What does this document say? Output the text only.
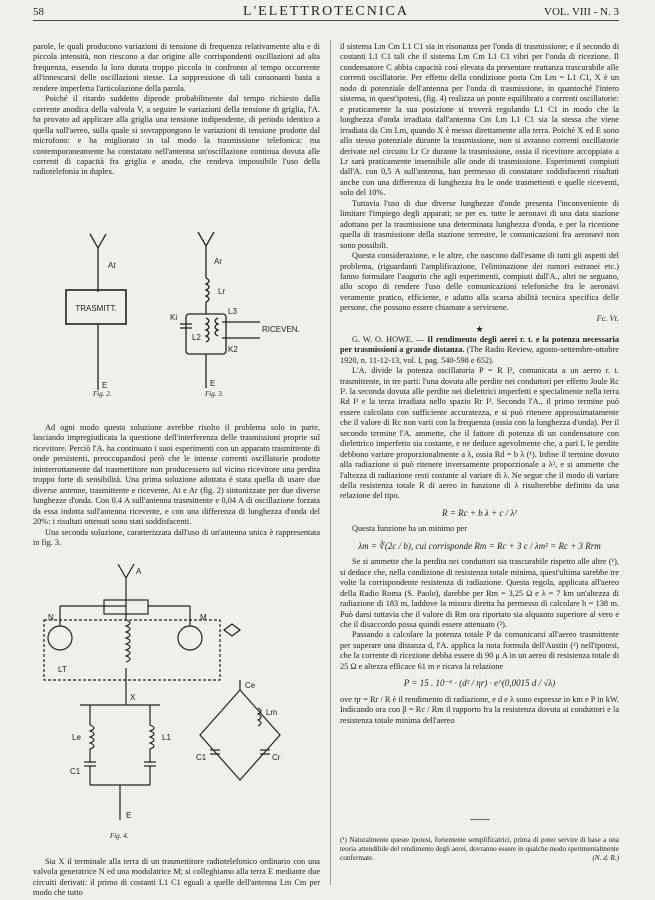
58	L'ELETTROTECNICA	VOL. VIII - N. 3

parole, le quali producono variazioni di tensione di frequenza relativamente alta e di piccola intensità, non riescono a dar origine alle corrispondenti oscillazioni ad alta frequenza, essendo la loro durata troppo piccola in confronto al tempo occorrente all'innescarsi delle oscillazioni stesse. La soppressione di tali consonanti basta a rendere imperfetta l'articolazione della parola.

Poiché il ritardo suddetto dipende probabilmente dal tempo richiesto dalla corrente anodica della valvola V, a seguire le variazioni della tensione di griglia, l'A. ha provato ad applicare alla griglia una tensione indipendente, di periodo identico a quella sull'aereo, sulla quale si sovrappongono le variazioni di tensione prodotte dal microfono: e ha migliorato in tal modo la trasmissione telefonica: ma contemporaneamente ha constatato nell'antenna un'oscillazione continua dovuta alle correnti di capacità fra griglia e anodo, che rendeva impossibile l'uso della radiotelefonia in duplex.

At
TRASMITT.
E
Fig. 2.
Ar
Lr
Ki
L2
L3
RICEVEN.
K2
E
Fig. 3.

Ad ogni modo questa soluzione avrebbe risolto il problema solo in parte, lasciando impregiudicata la questione dell'interferenza delle trasmissioni proprie sul ricevitore. Perciò l'A. ha continuato i suoi esperimenti con un apparato trasmittente di onde persistenti, preoccupandosi però che le intense correnti oscillatorie prodotte ininterrottamente dal trasmettitore non producessero sul vicino ricevitore una perdita troppo forte di sensibilità. Una prima soluzione adottata è stata quella di usare due diverse antenne, trasmittente e ricevente, At e Ar (fig. 2) sintonizzate per due diverse lunghezze d'onda. Con 0.4 A sull'antenna trasmittente e 0,04 A di oscillazione forzata da essa indotta sull'antenna ricevente, e con una differenza di lunghezza d'onda del 20%: i risultati ottenuti sono stati soddisfacenti.

Una seconda soluzione, caratterizzata dall'uso di un'antenna unica è rappresentata in fig. 3.

A
N	M
LT
X
Ce
Lm
Cr
C1
Le	L1
C1
E
Fig. 4.

Sia X il terminale alla terra di un trasmettitore radiotelefonico ordinario con una valvola generatrice N ed una modulatrice M; si colleghiamo alla terra E mediante due circuiti derivati: il primo di costanti L1 C1 eguali a quelle dell'antenna Lm Cm per modo che tutto

il sistema Lm Cm L1 C1 sia in risonanza per l'onda di trasmissione; e il secondo di costanti L1 C1 tali che il sistema Lm Cm L1 C1 vibri per l'onda di ricezione. Il condensatore C abbia capacità così elevata da presentare reattanza trascurabile alle correnti oscillatorie. Per effetto della condizione posta Cm Lm = L1 C1, X è un nodo di potenziale dell'antenna per l'onda di trasmissione, in quantoché l'intero sistema, in quest'ipotesi, (fig. 4) realizza un ponte equilibrato a correnti oscillatorie: e praticamente la sua posizione si troverà regolando L1 C1 in modo che la lunghezza d'onda irradiata dall'antenna Cm Lm L1 C1 sia la stessa che viene irradiata da Cm Lm, quando X è messo direttamente alla terra. Poiché X ed E sono allo stesso potenziale durante la trasmissione, non si avranno correnti oscillatorie derivate nel circuito Lr Cr durante la trasmissione, ossia il ricevitore accoppiato a Lr sarà praticamente insensibile alle onde di trasmissione. Esperimenti compiuti dall'A. con 0,5 A sull'antenna, han permesso di constatare soddisfacenti risultati anche con una differenza di lunghezza fra le onde trasmettenti e quelle riceventi, solo del 10%.

Tuttavia l'uso di due diverse lunghezze d'onde presenta l'inconveniente di limitare l'impiego degli apparati; se per es. tutte le aeronavi di una data stazione adottano per la trasmissione una determinata lunghezza d'onda, e per la ricezione quella di trasmissione della stazione terrestre, le comunicazioni fra aeronavi non sono possibili.

Questa considerazione, e le altre, che nascono dall'esame di tutti gli aspetti del problema, (riguardanti l'amplificazione, l'eliminazione dei rumori estranei etc.) fanno formulare l'augurio che agli esperimenti, compiuti dall'A., altri ne seguano, allo scopo di rendere l'uso delle comunicazioni telefoniche fra le aeronavi veramente pratico, efficiente, e adatto alla scarsa abilità tecnica specifica delle persone, che possono essere chiamate a servirsene.

Fc. Vt.

★

G. W. O. HOWE. — Il rendimento degli aerei r. t. e la potenza necessaria per trasmissioni a grande distanza. (The Radio Review, agosto-settembre-ottobre 1920, n. 11-12-13, vol. I, pag. 540-598 e 652).

L'A. divide la potenza oscillatoria P = R I², comunicata a un aereo r. t. trasmittente, in tre parti: l'una dovuta alle perdite nei conduttori per effetto Joule Rc I². la seconda dovuta alle perdite nei dielettrici imperfetti e specialmente nella terra Rd I² e la terza irradiata nello spazio Rr I². Secondo l'A., il primo termine può essere calcolato con sufficiente accuratezza, e si può ritenere approssimatamente che il valore di Rc non varii con la frequenza (ossia con la lunghezza d'onda). Per il secondo termine l'A. ammette, che il fattore di potenza di un condensatore con dielettrico imperfetto sia costante, e ne deduce agevolmente che, a pari I, le perdite debbono variare proporzionalmente a λ, ossia Rd = b λ (¹). Infine il termine dovuto alla radiazione si può ritenere inversamente proporzionale a λ², e si ammette che l'altezza di radiazione resti costante al variare di λ. Ne segue che il modo di variare della resistenza totale R di aereo in funzione di λ risulterebbe definito da una relazione del tipo.

R = Rc + b λ + c / λ²

Questa funzione ha un minimo per

λm = ∛(2c / b), cui corrisponde Rm = Rc + 3 c / λm² = Rc + 3 Rrm

Se si ammette che la perdita nei conduttori sia trascurabile rispetto alle altre (¹), si deduce che, nella condizione di resistenza totale minima, quest'ultima sarebbe tre volte la corrispondente resistenza di radiazione. Questa regola, applicata all'aereo della Radio Roma (S. Paolo), darebbe per Rm = 3,25 Ω e λ = 7 km un'altezza di radiazione di 183 m, laddove la misura diretta ha permesso di calcolare h = 138 m. Può darsi tuttavia che il valore di Rm ora riportato sia alquanto superiore al vero e che il disaccordo possa quindi essere attenuato (²).

Passando a calcolare la potenza totale P da comunicarsi all'aereo trasmittente per superare una distanza d, l'A. applica la nota formula dell'Austin (²) nell'ipotesi, che la corrente di ricezione debba essere di 90 μ A in un aereo di resistenza totale di 25 Ω e altezza efficace 61 m e ricava la relazione

P = 15 . 10⁻⁶ · (d² / ηr) · e^(0,0015 d / √λ)

ove ηr = Rr / R è il rendimento di radiazione, e d e λ sono espresse in km e P in kW. Indicando ora con β = Rc / Rm il rapporto fra la resistenza dovuta ai conduttori e la resistenza totale minima dell'aereo

(¹) Naturalmente queste ipotesi, fortemente semplificatrici, prima di poter servire di base a una teoria attendibile del rendimento degli aerei, dovranno essere in qualche modo sperimentalmente confermate.	(N. d. R.)
